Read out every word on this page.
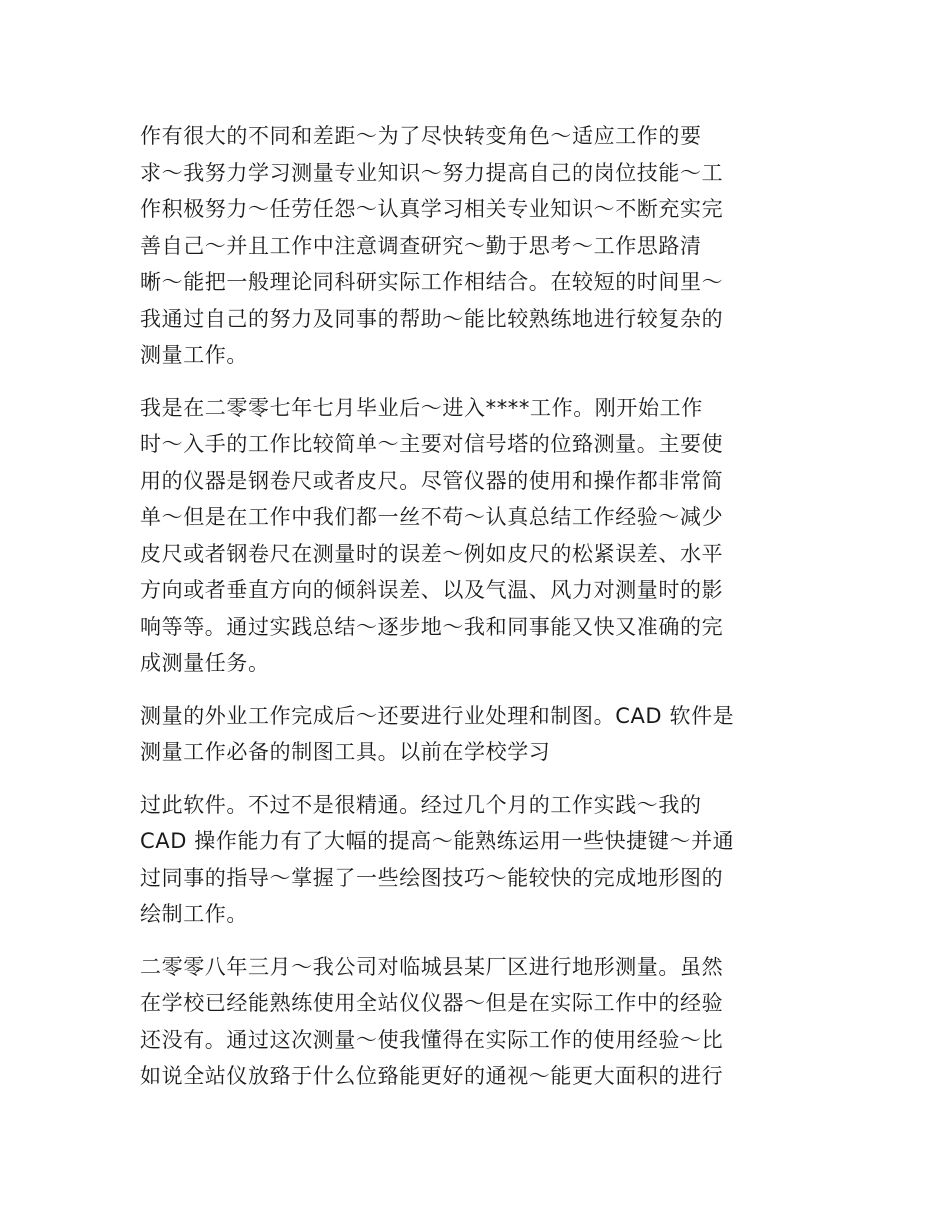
作有很大的不同和差距～为了尽快转变角色～适应工作的要
求～我努力学习测量专业知识～努力提高自己的岗位技能～工
作积极努力～任劳任怨～认真学习相关专业知识～不断充实完
善自己～并且工作中注意调查研究～勤于思考～工作思路清
晰～能把一般理论同科研实际工作相结合。在较短的时间里～
我通过自己的努力及同事的帮助～能比较熟练地进行较复杂的
测量工作。
我是在二零零七年七月毕业后～进入****工作。刚开始工作
时～入手的工作比较简单～主要对信号塔的位臵测量。主要使
用的仪器是钢卷尺或者皮尺。尽管仪器的使用和操作都非常简
单～但是在工作中我们都一丝不苟～认真总结工作经验～减少
皮尺或者钢卷尺在测量时的误差～例如皮尺的松紧误差、水平
方向或者垂直方向的倾斜误差、以及气温、风力对测量时的影
响等等。通过实践总结～逐步地～我和同事能又快又准确的完
成测量任务。
测量的外业工作完成后～还要进行业处理和制图。CAD 软件是
测量工作必备的制图工具。以前在学校学习
过此软件。不过不是很精通。经过几个月的工作实践～我的
CAD 操作能力有了大幅的提高～能熟练运用一些快捷键～并通
过同事的指导～掌握了一些绘图技巧～能较快的完成地形图的
绘制工作。
二零零八年三月～我公司对临城县某厂区进行地形测量。虽然
在学校已经能熟练使用全站仪仪器～但是在实际工作中的经验
还没有。通过这次测量～使我懂得在实际工作的使用经验～比
如说全站仪放臵于什么位臵能更好的通视～能更大面积的进行
